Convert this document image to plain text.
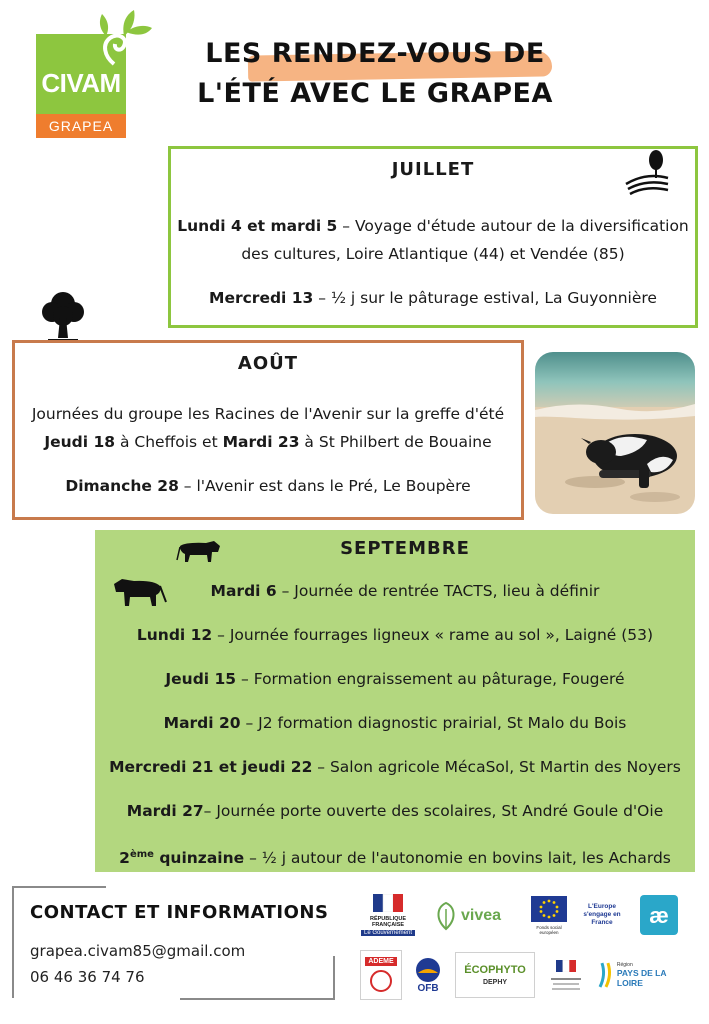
CIVAM
GRAPEA
LES RENDEZ-VOUS DE
L'ÉTÉ AVEC LE GRAPEA
JUILLET
Lundi 4 et mardi 5 – Voyage d'étude autour de la diversification
des cultures, Loire Atlantique (44) et Vendée (85)
Mercredi 13 – ½ j sur le pâturage estival, La Guyonnière
AOÛT
Journées du groupe les Racines de l'Avenir sur la greffe d'été
Jeudi 18 à Cheffois et Mardi 23 à St Philbert de Bouaine
Dimanche 28 – l'Avenir est dans le Pré, Le Boupère
SEPTEMBRE
Mardi 6 – Journée de rentrée TACTS, lieu à définir
Lundi 12 – Journée fourrages ligneux « rame au sol », Laigné (53)
Jeudi 15 – Formation engraissement au pâturage, Fougeré
Mardi 20 – J2 formation diagnostic prairial, St Malo du Bois
Mercredi 21 et jeudi 22 – Salon agricole MécaSol, St Martin des Noyers
Mardi 27– Journée porte ouverte des scolaires, St André Goule d'Oie
2ème quinzaine – ½ j autour de l'autonomie en bovins lait, les Achards
CONTACT ET INFORMATIONS
grapea.civam85@gmail.com
06 46 36 74 76
RÉPUBLIQUE FRANÇAISE
Le Gouvernement
vivea
Fonds social européen
L'Europe s'engage en France	æ
ADEME
OFB
ÉCOPHYTO
DEPHY
Région
PAYS DE LA LOIRE
